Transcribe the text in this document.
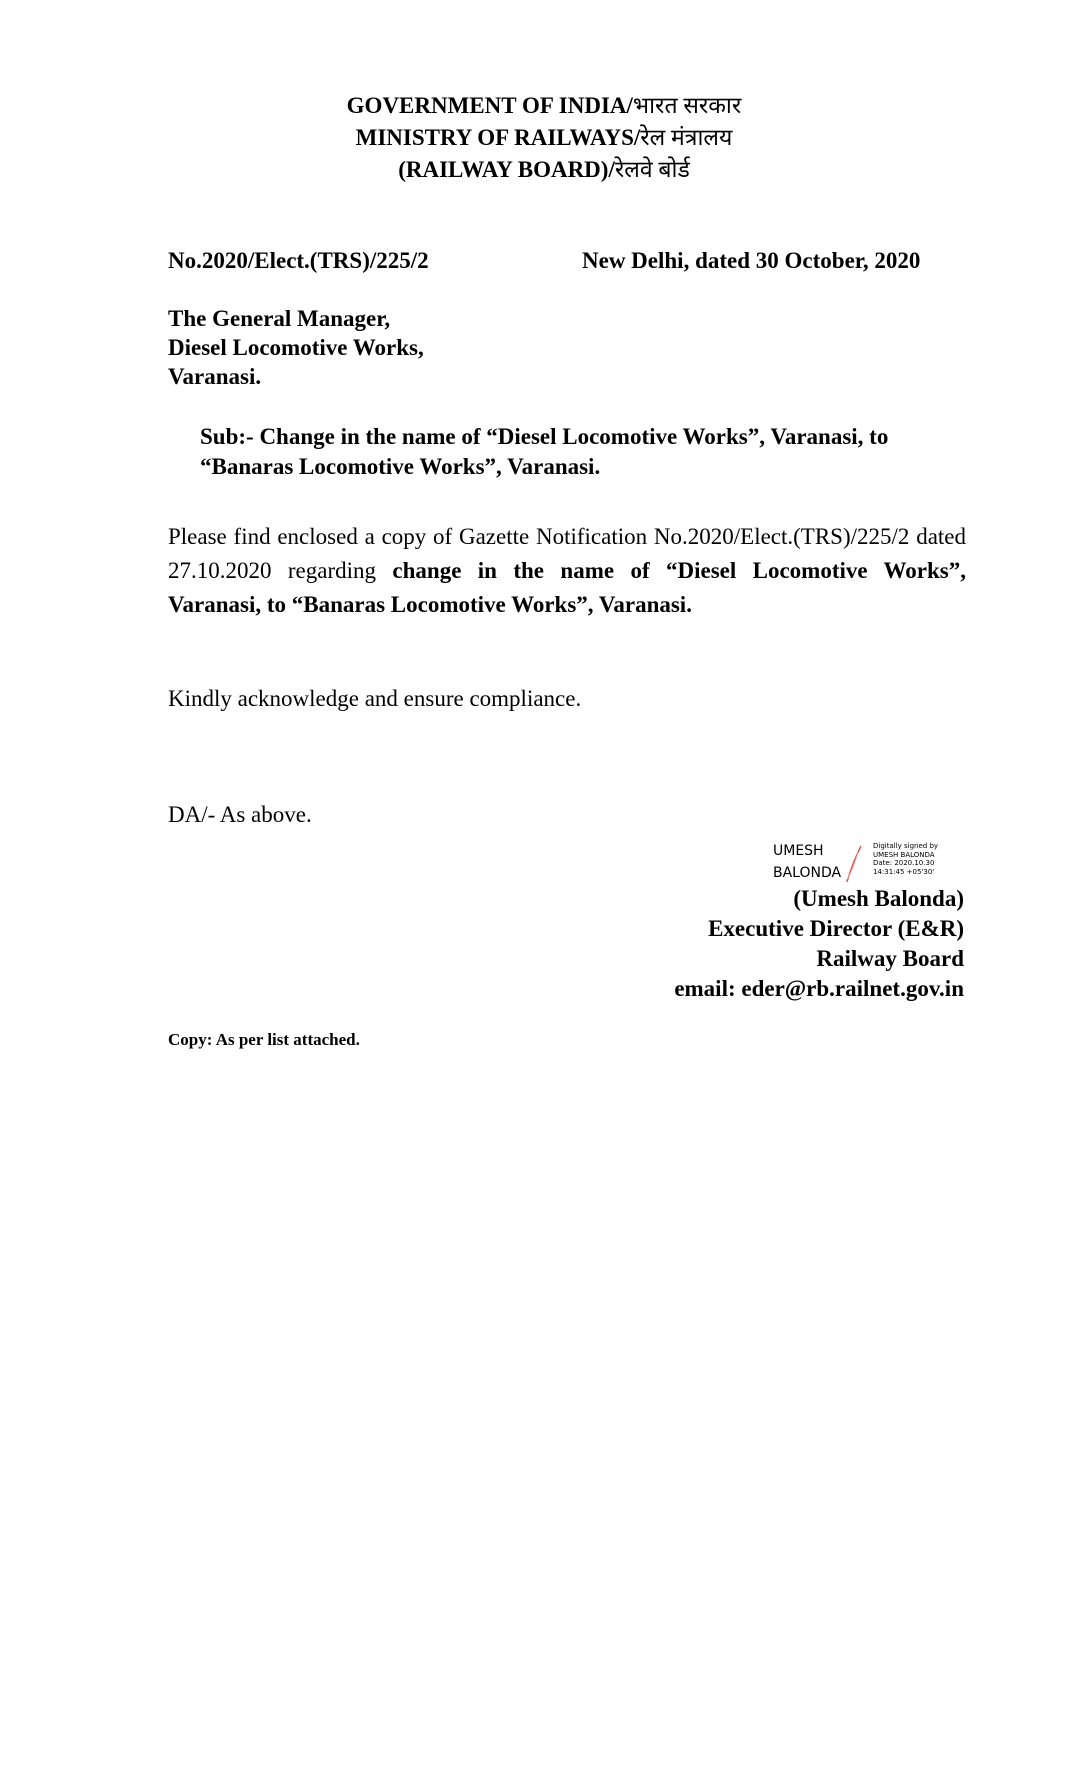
GOVERNMENT OF INDIA/भारत सरकार
MINISTRY OF RAILWAYS/रेल मंत्रालय
(RAILWAY BOARD)/रेलवे बोर्ड
No.2020/Elect.(TRS)/225/2	New Delhi, dated 30 October, 2020
The General Manager,
Diesel Locomotive Works,
Varanasi.
Sub:- Change in the name of “Diesel Locomotive Works”, Varanasi, to “Banaras Locomotive Works”, Varanasi.
Please find enclosed a copy of Gazette Notification No.2020/Elect.(TRS)/225/2 dated 27.10.2020 regarding change in the name of “Diesel Locomotive Works”, Varanasi, to “Banaras Locomotive Works”, Varanasi.
Kindly acknowledge and ensure compliance.
DA/- As above.
UMESH
BALONDA
Digitally signed by
UMESH BALONDA
Date: 2020.10.30
14:31:45 +05'30'
(Umesh Balonda)
Executive Director (E&R)
Railway Board
email: eder@rb.railnet.gov.in
Copy: As per list attached.
